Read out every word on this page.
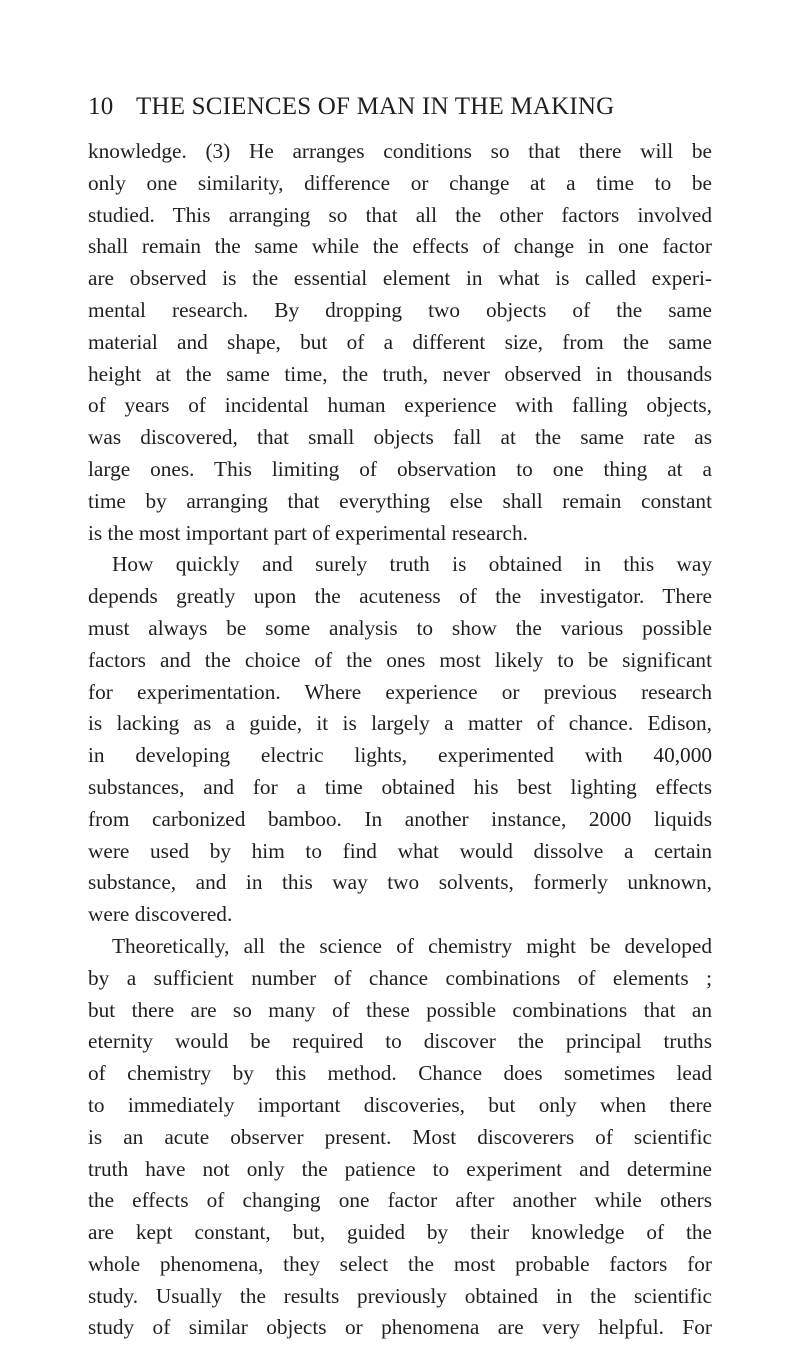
10 THE SCIENCES OF MAN IN THE MAKING
knowledge. (3) He arranges conditions so that there will be
only one similarity, difference or change at a time to be
studied. This arranging so that all the other factors involved
shall remain the same while the effects of change in one factor
are observed is the essential element in what is called experi-
mental research. By dropping two objects of the same
material and shape, but of a different size, from the same
height at the same time, the truth, never observed in thousands
of years of incidental human experience with falling objects,
was discovered, that small objects fall at the same rate as
large ones. This limiting of observation to one thing at a
time by arranging that everything else shall remain constant
is the most important part of experimental research.
How quickly and surely truth is obtained in this way
depends greatly upon the acuteness of the investigator. There
must always be some analysis to show the various possible
factors and the choice of the ones most likely to be significant
for experimentation. Where experience or previous research
is lacking as a guide, it is largely a matter of chance. Edison,
in developing electric lights, experimented with 40,000
substances, and for a time obtained his best lighting effects
from carbonized bamboo. In another instance, 2000 liquids
were used by him to find what would dissolve a certain
substance, and in this way two solvents, formerly unknown,
were discovered.
Theoretically, all the science of chemistry might be developed
by a sufficient number of chance combinations of elements ;
but there are so many of these possible combinations that an
eternity would be required to discover the principal truths
of chemistry by this method. Chance does sometimes lead
to immediately important discoveries, but only when there
is an acute observer present. Most discoverers of scientific
truth have not only the patience to experiment and determine
the effects of changing one factor after another while others
are kept constant, but, guided by their knowledge of the
whole phenomena, they select the most probable factors for
study. Usually the results previously obtained in the scientific
study of similar objects or phenomena are very helpful. For
